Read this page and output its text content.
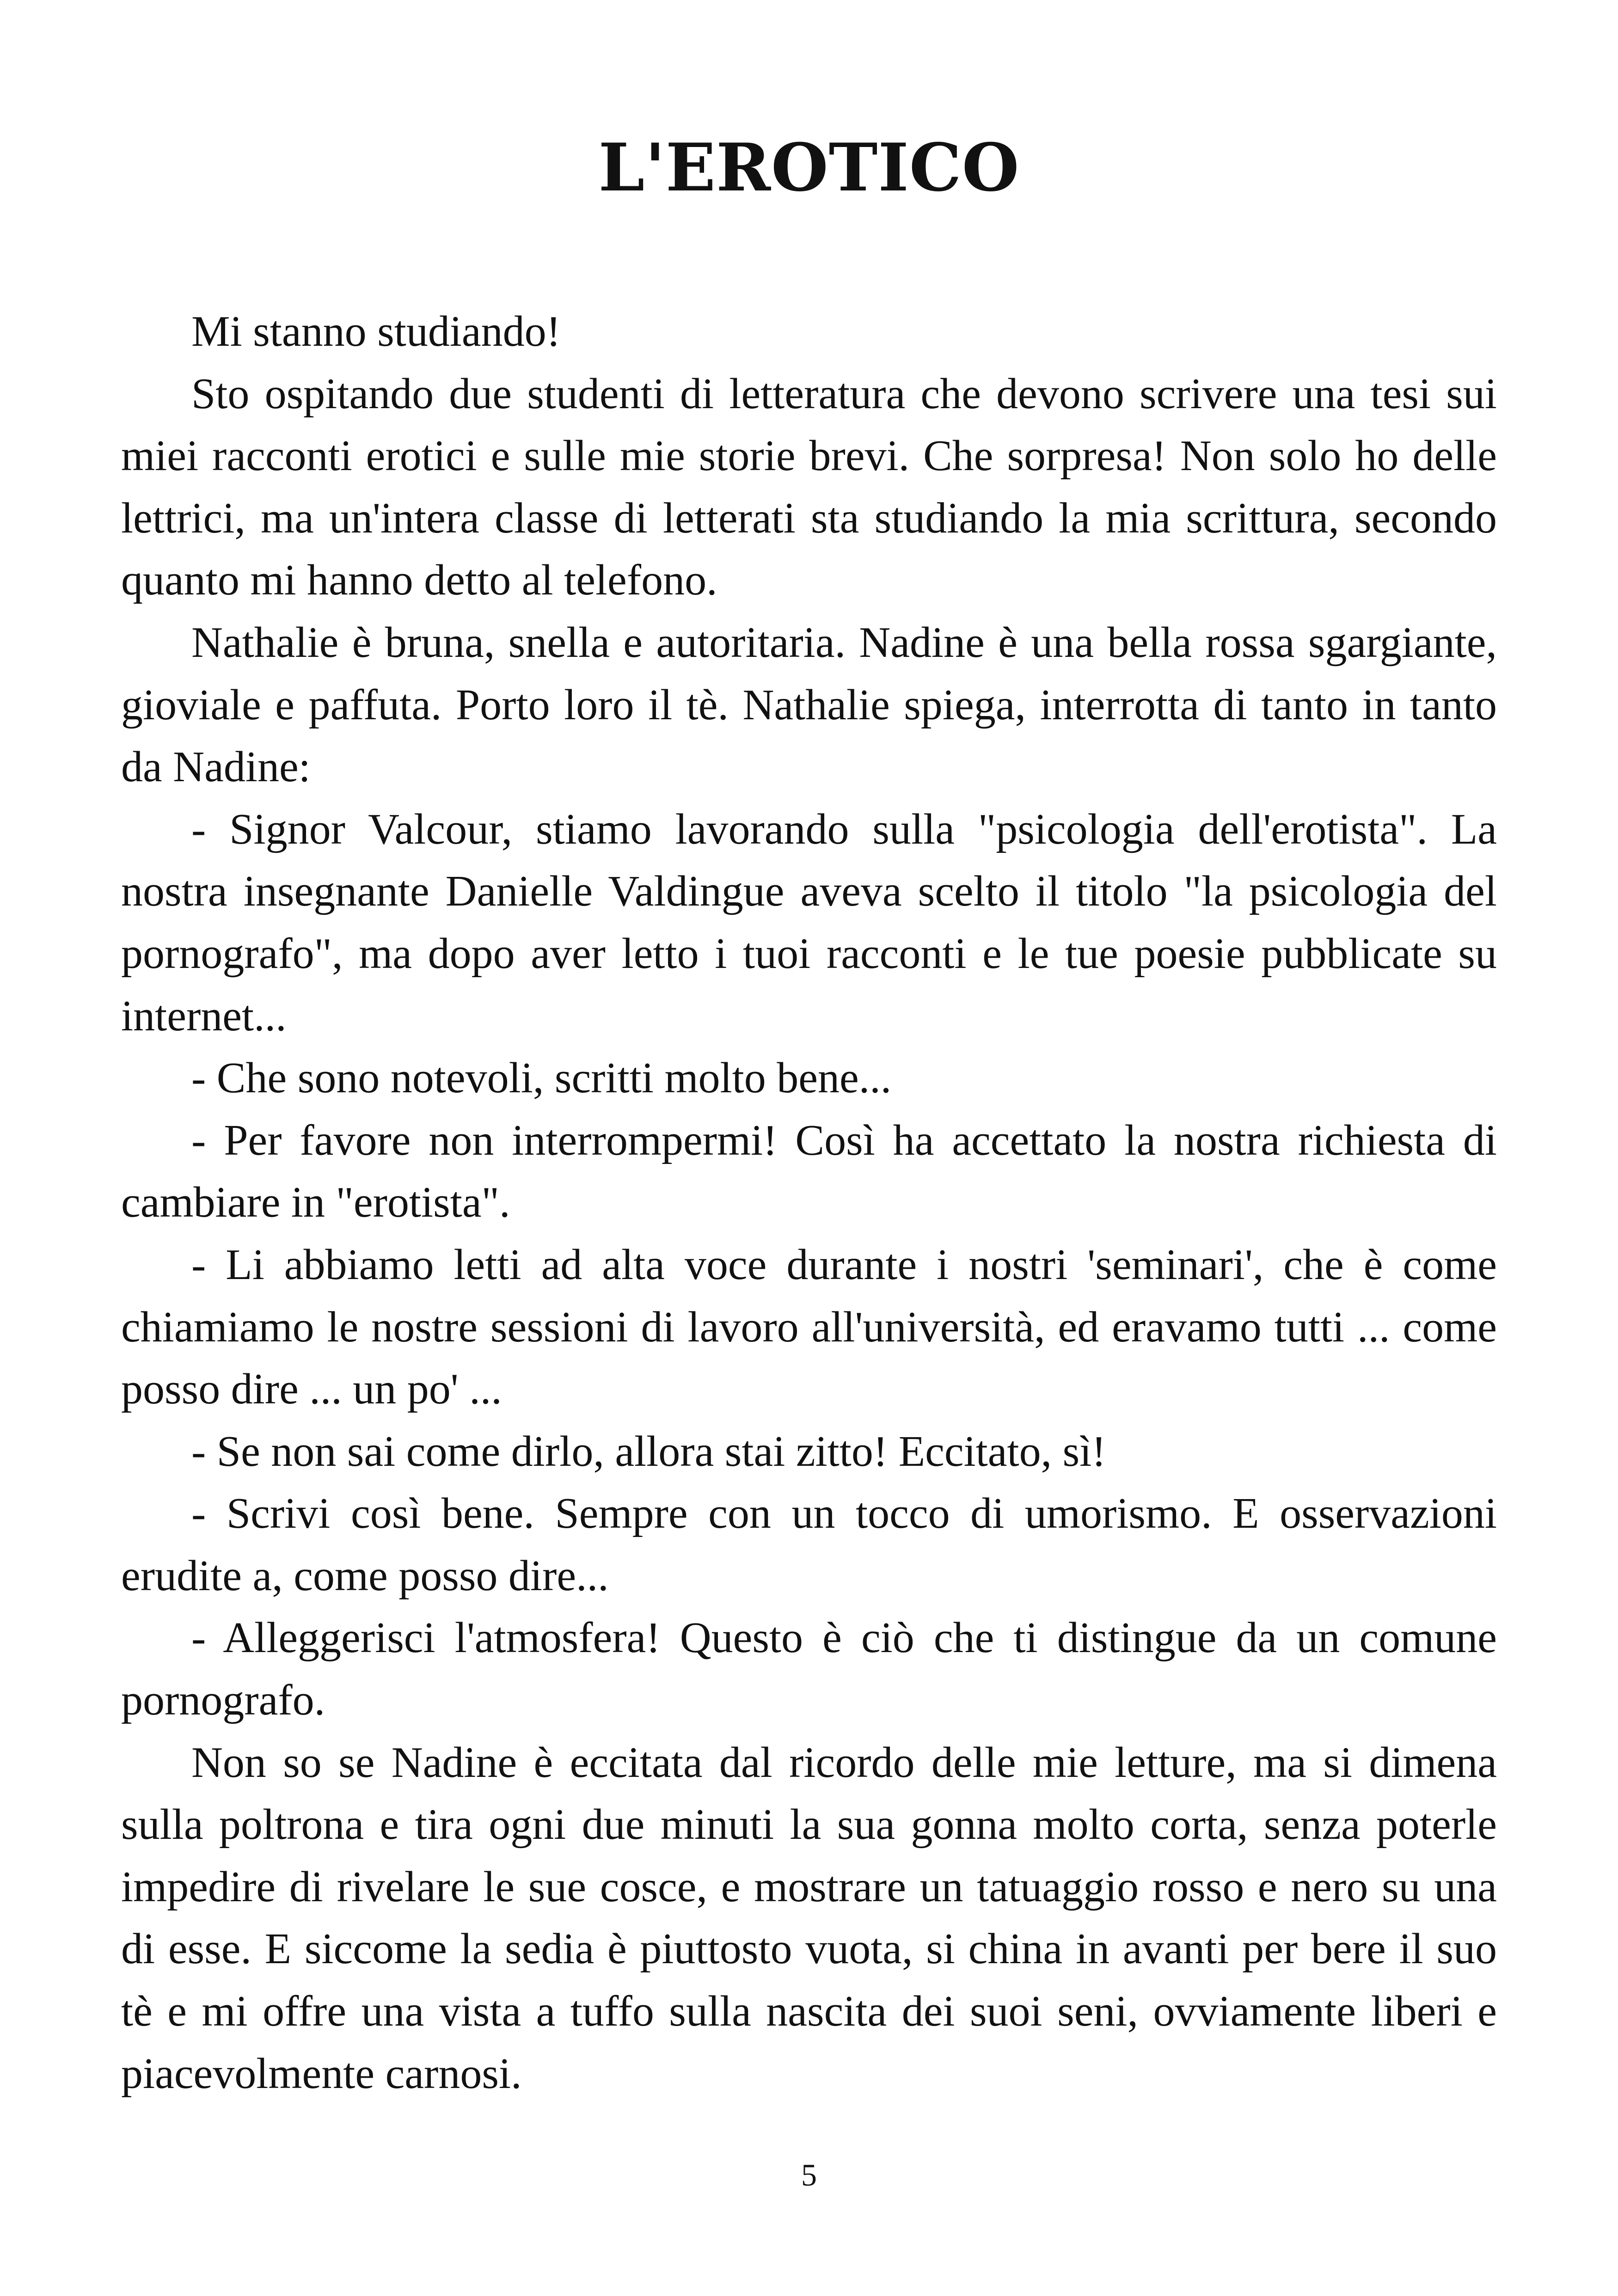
L'EROTICO

Mi stanno studiando!

Sto ospitando due studenti di letteratura che devono scrivere una tesi sui miei racconti erotici e sulle mie storie brevi. Che sorpresa! Non solo ho delle lettrici, ma un'intera classe di letterati sta studiando la mia scrittura, secondo quanto mi hanno detto al telefono.

Nathalie è bruna, snella e autoritaria. Nadine è una bella rossa sgargiante, gioviale e paffuta. Porto loro il tè. Nathalie spiega, interrotta di tanto in tanto da Nadine:

- Signor Valcour, stiamo lavorando sulla "psicologia dell'erotista". La nostra insegnante Danielle Valdingue aveva scelto il titolo "la psicologia del pornografo", ma dopo aver letto i tuoi racconti e le tue poesie pubblicate su internet...

- Che sono notevoli, scritti molto bene...

- Per favore non interrompermi! Così ha accettato la nostra richiesta di cambiare in "erotista".

- Li abbiamo letti ad alta voce durante i nostri 'seminari', che è come chiamiamo le nostre sessioni di lavoro all'università, ed eravamo tutti ... come posso dire ... un po' ...

- Se non sai come dirlo, allora stai zitto! Eccitato, sì!

- Scrivi così bene. Sempre con un tocco di umorismo. E osservazioni erudite a, come posso dire...

- Alleggerisci l'atmosfera! Questo è ciò che ti distingue da un comune pornografo.

Non so se Nadine è eccitata dal ricordo delle mie letture, ma si dimena sulla poltrona e tira ogni due minuti la sua gonna molto corta, senza poterle impedire di rivelare le sue cosce, e mostrare un tatuaggio rosso e nero su una di esse. E siccome la sedia è piuttosto vuota, si china in avanti per bere il suo tè e mi offre una vista a tuffo sulla nascita dei suoi seni, ovviamente liberi e piacevolmente carnosi.

5
